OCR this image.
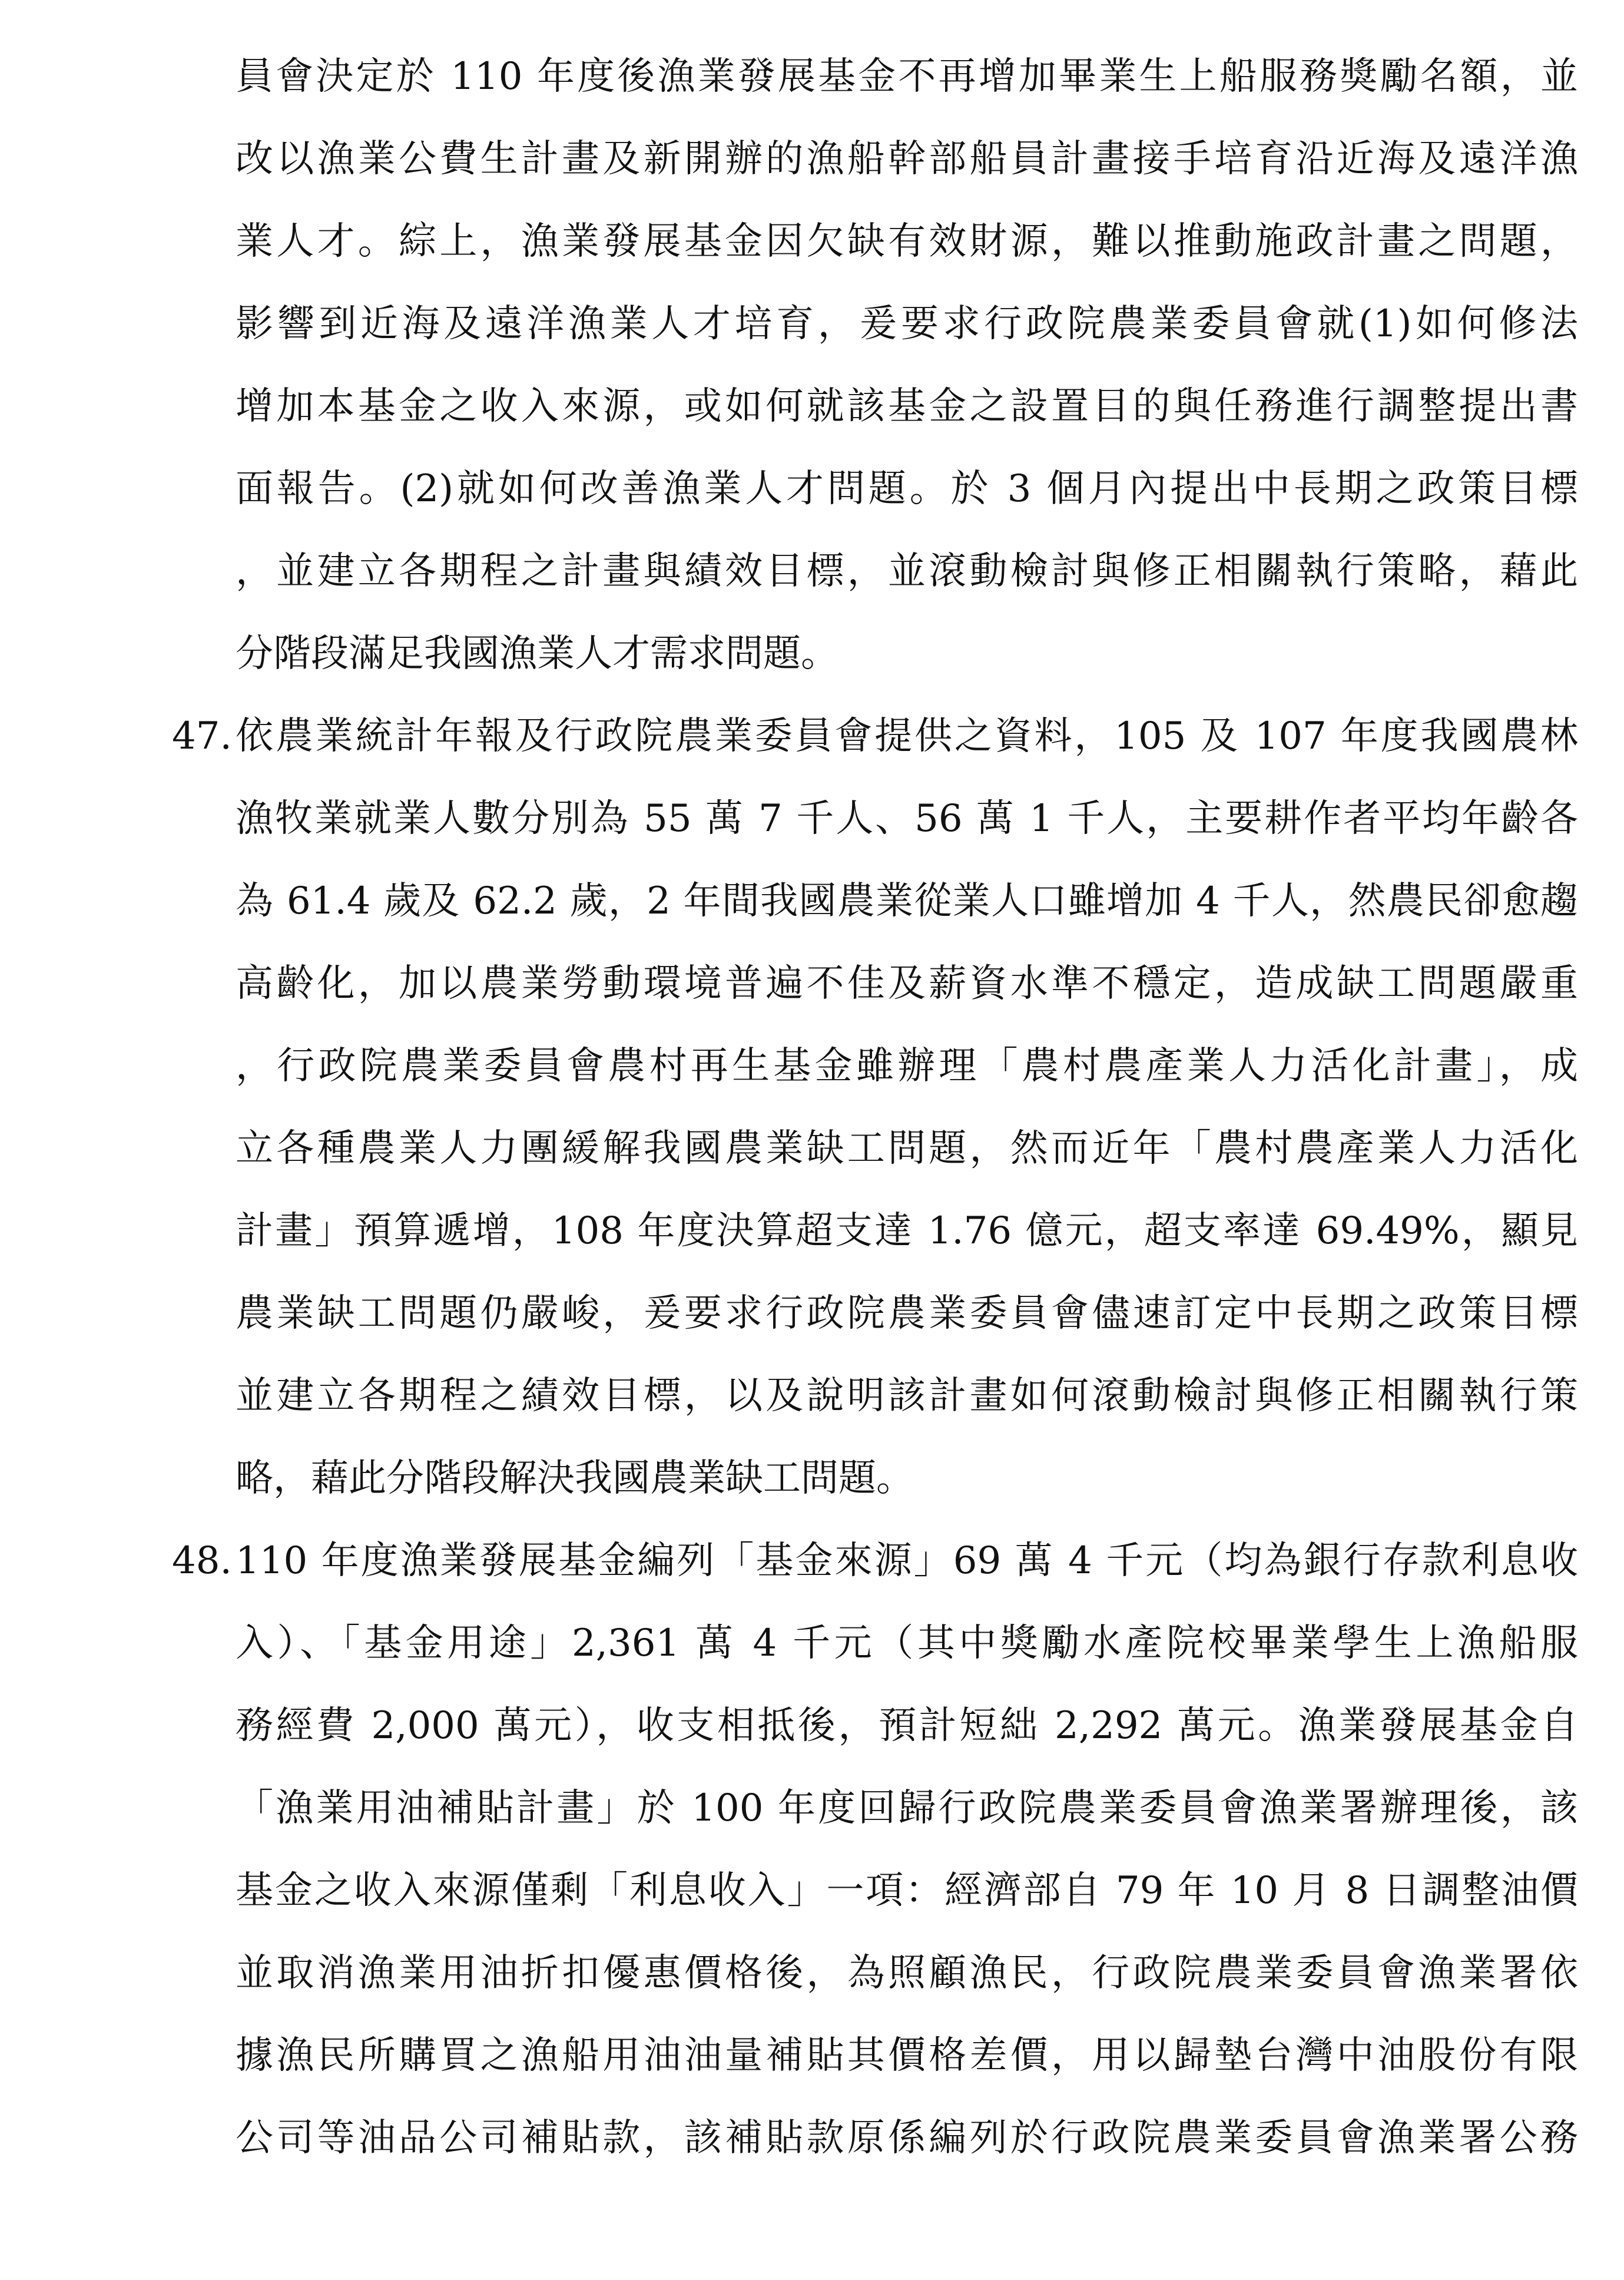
員會決定於 110 年度後漁業發展基金不再增加畢業生上船服務獎勵名額，並
改以漁業公費生計畫及新開辦的漁船幹部船員計畫接手培育沿近海及遠洋漁
業人才。綜上，漁業發展基金因欠缺有效財源，難以推動施政計畫之問題，
影響到近海及遠洋漁業人才培育，爰要求行政院農業委員會就(1)如何修法
增加本基金之收入來源，或如何就該基金之設置目的與任務進行調整提出書
面報告。(2)就如何改善漁業人才問題。於 3 個月內提出中長期之政策目標
，並建立各期程之計畫與績效目標，並滾動檢討與修正相關執行策略，藉此
分階段滿足我國漁業人才需求問題。
47. 依農業統計年報及行政院農業委員會提供之資料，105 及 107 年度我國農林
漁牧業就業人數分別為 55 萬 7 千人、56 萬 1 千人，主要耕作者平均年齡各
為 61.4 歲及 62.2 歲，2 年間我國農業從業人口雖增加 4 千人，然農民卻愈趨
高齡化，加以農業勞動環境普遍不佳及薪資水準不穩定，造成缺工問題嚴重
，行政院農業委員會農村再生基金雖辦理「農村農產業人力活化計畫」，成
立各種農業人力團緩解我國農業缺工問題，然而近年「農村農產業人力活化
計畫」預算遞增，108 年度決算超支達 1.76 億元，超支率達 69.49%，顯見
農業缺工問題仍嚴峻，爰要求行政院農業委員會儘速訂定中長期之政策目標
並建立各期程之績效目標，以及說明該計畫如何滾動檢討與修正相關執行策
略，藉此分階段解決我國農業缺工問題。
48. 110 年度漁業發展基金編列「基金來源」69 萬 4 千元（均為銀行存款利息收
入）、「基金用途」2,361 萬 4 千元（其中獎勵水產院校畢業學生上漁船服
務經費 2,000 萬元），收支相抵後，預計短絀 2,292 萬元。漁業發展基金自
「漁業用油補貼計畫」於 100 年度回歸行政院農業委員會漁業署辦理後，該
基金之收入來源僅剩「利息收入」一項：經濟部自 79 年 10 月 8 日調整油價
並取消漁業用油折扣優惠價格後，為照顧漁民，行政院農業委員會漁業署依
據漁民所購買之漁船用油油量補貼其價格差價，用以歸墊台灣中油股份有限
公司等油品公司補貼款，該補貼款原係編列於行政院農業委員會漁業署公務
